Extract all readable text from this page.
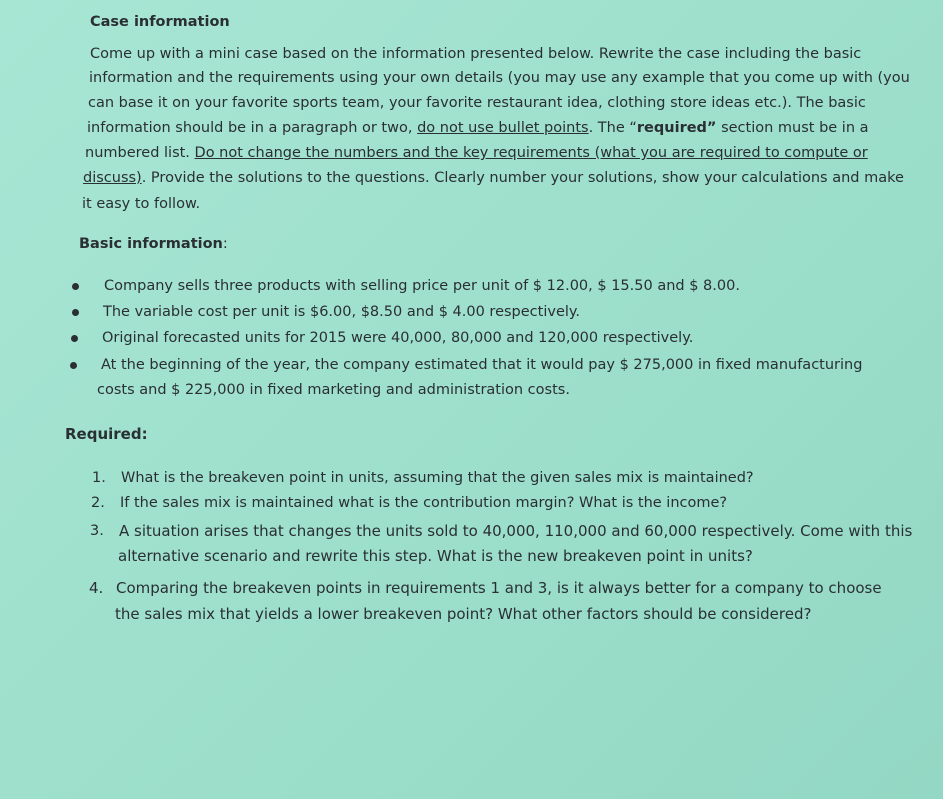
Case information
Come up with a mini case based on the information presented below. Rewrite the case including the basic
information and the requirements using your own details (you may use any example that you come up with (you
can base it on your favorite sports team, your favorite restaurant idea, clothing store ideas etc.). The basic
information should be in a paragraph or two, do not use bullet points. The “required” section must be in a
numbered list. Do not change the numbers and the key requirements (what you are required to compute or
discuss). Provide the solutions to the questions. Clearly number your solutions, show your calculations and make
it easy to follow.
Basic information:
Company sells three products with selling price per unit of $ 12.00, $ 15.50 and $ 8.00.
The variable cost per unit is $6.00, $8.50 and $ 4.00 respectively.
Original forecasted units for 2015 were 40,000, 80,000 and 120,000 respectively.
At the beginning of the year, the company estimated that it would pay $ 275,000 in fixed manufacturing
costs and $ 225,000 in fixed marketing and administration costs.
Required:
1. What is the breakeven point in units, assuming that the given sales mix is maintained?
2. If the sales mix is maintained what is the contribution margin? What is the income?
3. A situation arises that changes the units sold to 40,000, 110,000 and 60,000 respectively. Come with this
alternative scenario and rewrite this step. What is the new breakeven point in units?
4. Comparing the breakeven points in requirements 1 and 3, is it always better for a company to choose
the sales mix that yields a lower breakeven point? What other factors should be considered?
